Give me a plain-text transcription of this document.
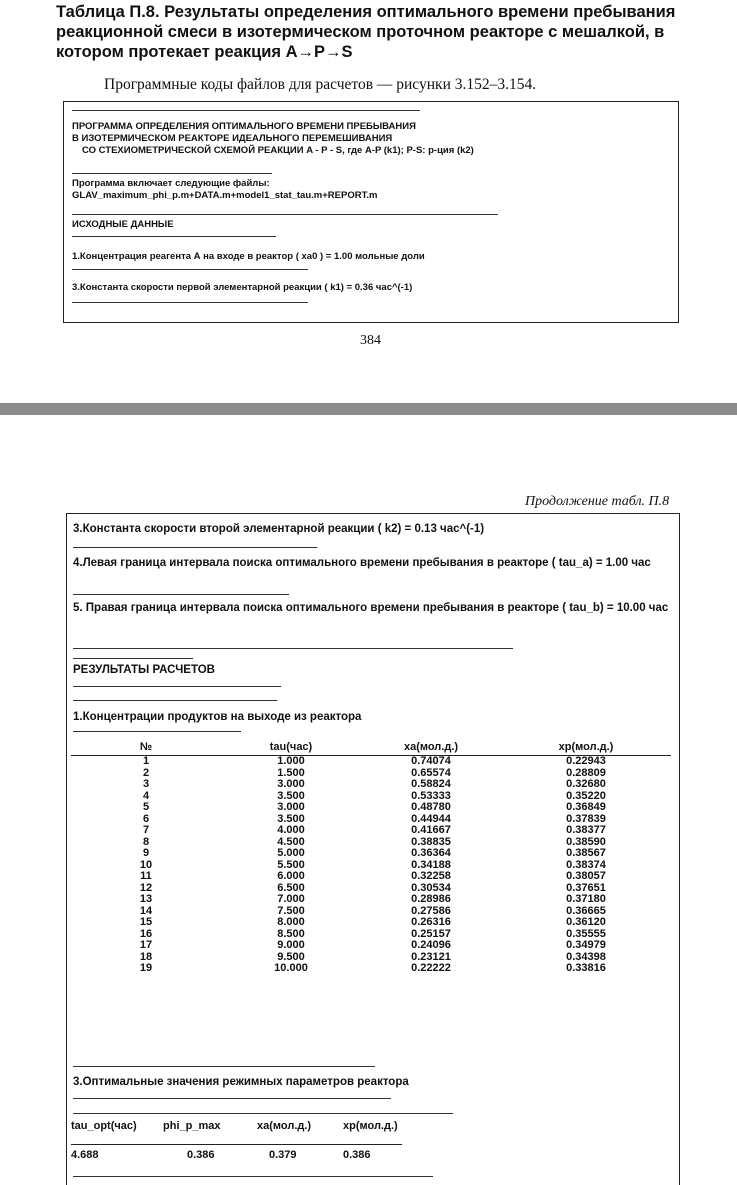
Таблица П.8. Результаты определения оптимального времени пребывания реакционной смеси в изотермическом проточном реакторе с мешалкой, в котором протекает реакция A→P→S
Программные коды файлов для расчетов — рисунки 3.152–3.154.
ПРОГРАММА ОПРЕДЕЛЕНИЯ ОПТИМАЛЬНОГО ВРЕМЕНИ ПРЕБЫВАНИЯ
В ИЗОТЕРМИЧЕСКОМ РЕАКТОРЕ ИДЕАЛЬНОГО ПЕРЕМЕШИВАНИЯ
СО СТЕХИОМЕТРИЧЕСКОЙ СХЕМОЙ РЕАКЦИИ A - P - S, где A-P (k1); P-S: р-ция (k2)
Программа включает следующие файлы:
GLAV_maximum_phi_p.m+DATA.m+model1_stat_tau.m+REPORT.m
ИСХОДНЫЕ ДАННЫЕ
1.Концентрация реагента А на входе в реактор ( xa0 ) = 1.00 мольные доли
3.Константа скорости первой элементарной реакции ( k1) = 0.36 час^(-1)
384
Продолжение табл. П.8
3.Константа скорости второй элементарной реакции ( k2) = 0.13 час^(-1)
4.Левая граница интервала поиска оптимального времени пребывания в реакторе ( tau_a) = 1.00 час
5. Правая граница интервала поиска оптимального времени пребывания в реакторе ( tau_b) = 10.00 час
РЕЗУЛЬТАТЫ РАСЧЕТОВ
1.Концентрации продуктов на выходе из реактора
№	tau(час)	xa(мол.д.)	xp(мол.д.)
1	1.000	0.74074	0.22943
2	1.500	0.65574	0.28809
3	3.000	0.58824	0.32680
4	3.500	0.53333	0.35220
5	3.000	0.48780	0.36849
6	3.500	0.44944	0.37839
7	4.000	0.41667	0.38377
8	4.500	0.38835	0.38590
9	5.000	0.36364	0.38567
10	5.500	0.34188	0.38374
11	6.000	0.32258	0.38057
12	6.500	0.30534	0.37651
13	7.000	0.28986	0.37180
14	7.500	0.27586	0.36665
15	8.000	0.26316	0.36120
16	8.500	0.25157	0.35555
17	9.000	0.24096	0.34979
18	9.500	0.23121	0.34398
19	10.000	0.22222	0.33816
3.Оптимальные значения режимных параметров реактора
tau_opt(час)	phi_p_max	xa(мол.д.)	xp(мол.д.)

4.688	0.386	0.379	0.386
